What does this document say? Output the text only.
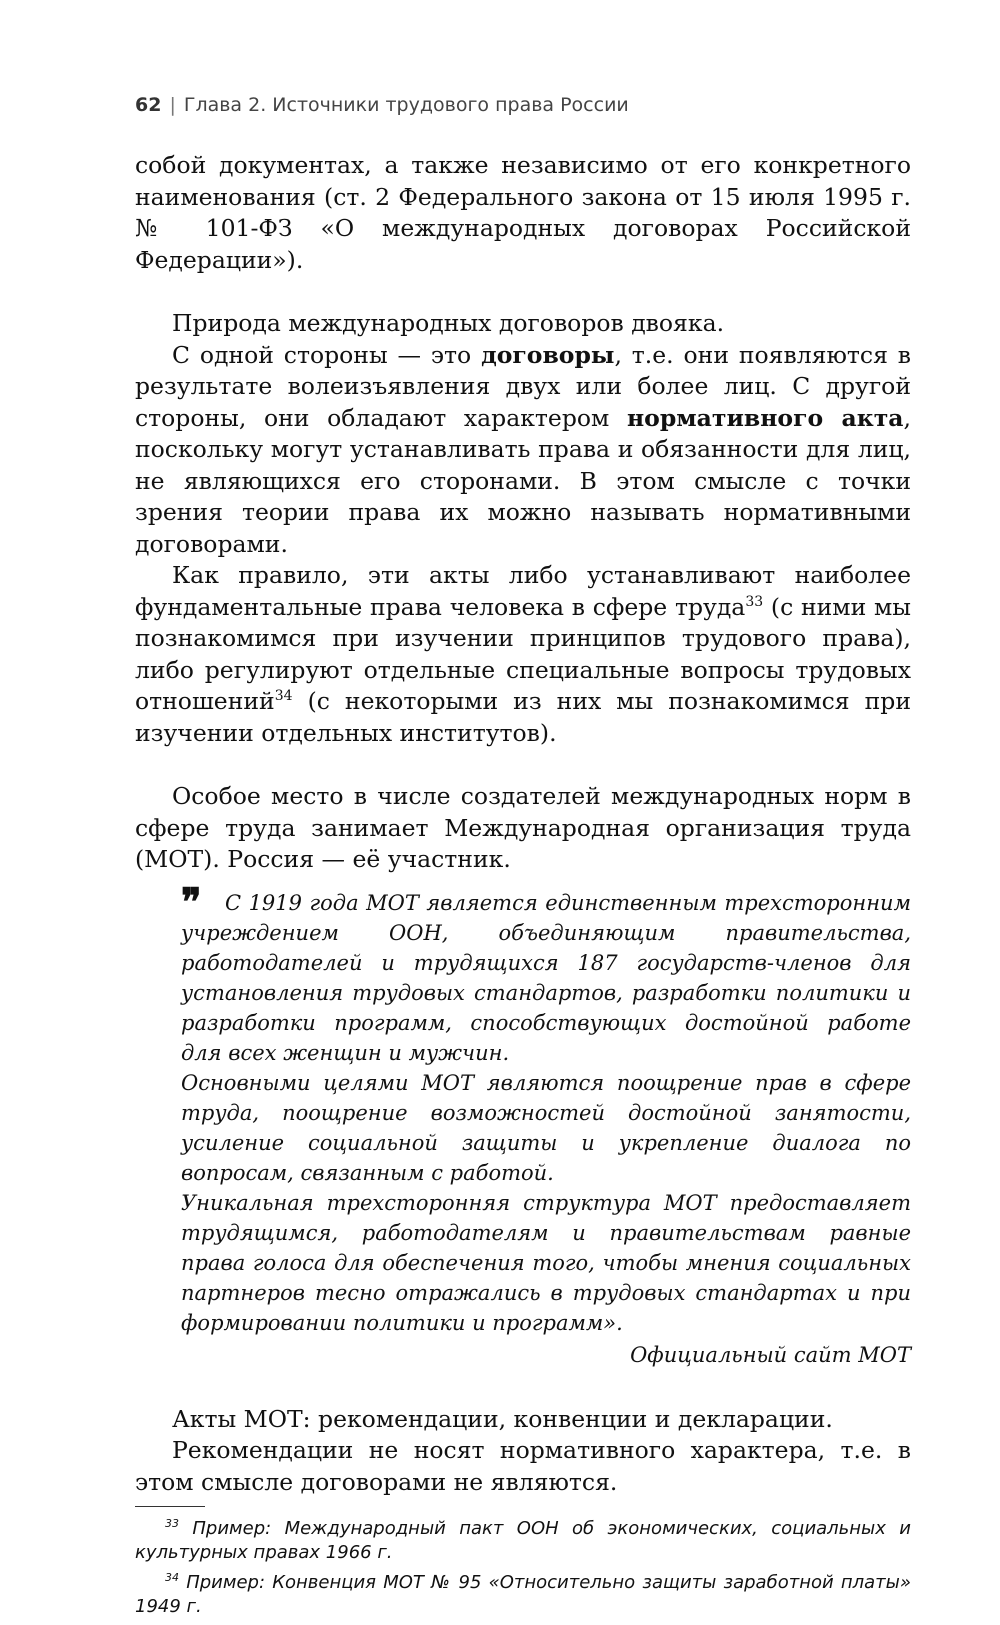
62 | Глава 2. Источники трудового права России

собой документах, а также независимо от его конкретного наименования (ст. 2 Федерального закона от 15 июля 1995 г. № 101-ФЗ «О международных договорах Российской Федерации»).

Природа международных договоров двояка.

С одной стороны — это договоры, т.е. они появляются в результате волеизъявления двух или более лиц. С другой стороны, они обладают характером нормативного акта, поскольку могут устанавливать права и обязанности для лиц, не являющихся его сторонами. В этом смысле с точки зрения теории права их можно называть нормативными договорами.

Как правило, эти акты либо устанавливают наиболее фундаментальные права человека в сфере труда$^{33}$ (с ними мы познакомимся при изучении принципов трудового права), либо регулируют отдельные специальные вопросы трудовых отношений$^{34}$ (с некоторыми из них мы познакомимся при изучении отдельных институтов).

Особое место в числе создателей международных норм в сфере труда занимает Международная организация труда (МОТ). Россия — её участник.

❞	С 1919 года МОТ является единственным трехсторонним учреждением ООН, объединяющим правительства, работодателей и трудящихся 187 государств-членов для установления трудовых стандартов, разработки политики и разработки программ, способствующих достойной работе для всех женщин и мужчин.

Основными целями МОТ являются поощрение прав в сфере труда, поощрение возможностей достойной занятости, усиление социальной защиты и укрепление диалога по вопросам, связанным с работой.

Уникальная трехсторонняя структура МОТ предоставляет трудящимся, работодателям и правительствам равные права голоса для обеспечения того, чтобы мнения социальных партнеров тесно отражались в трудовых стандартах и при формировании политики и программ».

Официальный сайт МОТ

Акты МОТ: рекомендации, конвенции и декларации.

Рекомендации не носят нормативного характера, т.е. в этом смысле договорами не являются.

$^{33}$ Пример: Международный пакт ООН об экономических, социальных и культурных правах 1966 г.

$^{34}$ Пример: Конвенция МОТ № 95 «Относительно защиты заработной платы» 1949 г.
